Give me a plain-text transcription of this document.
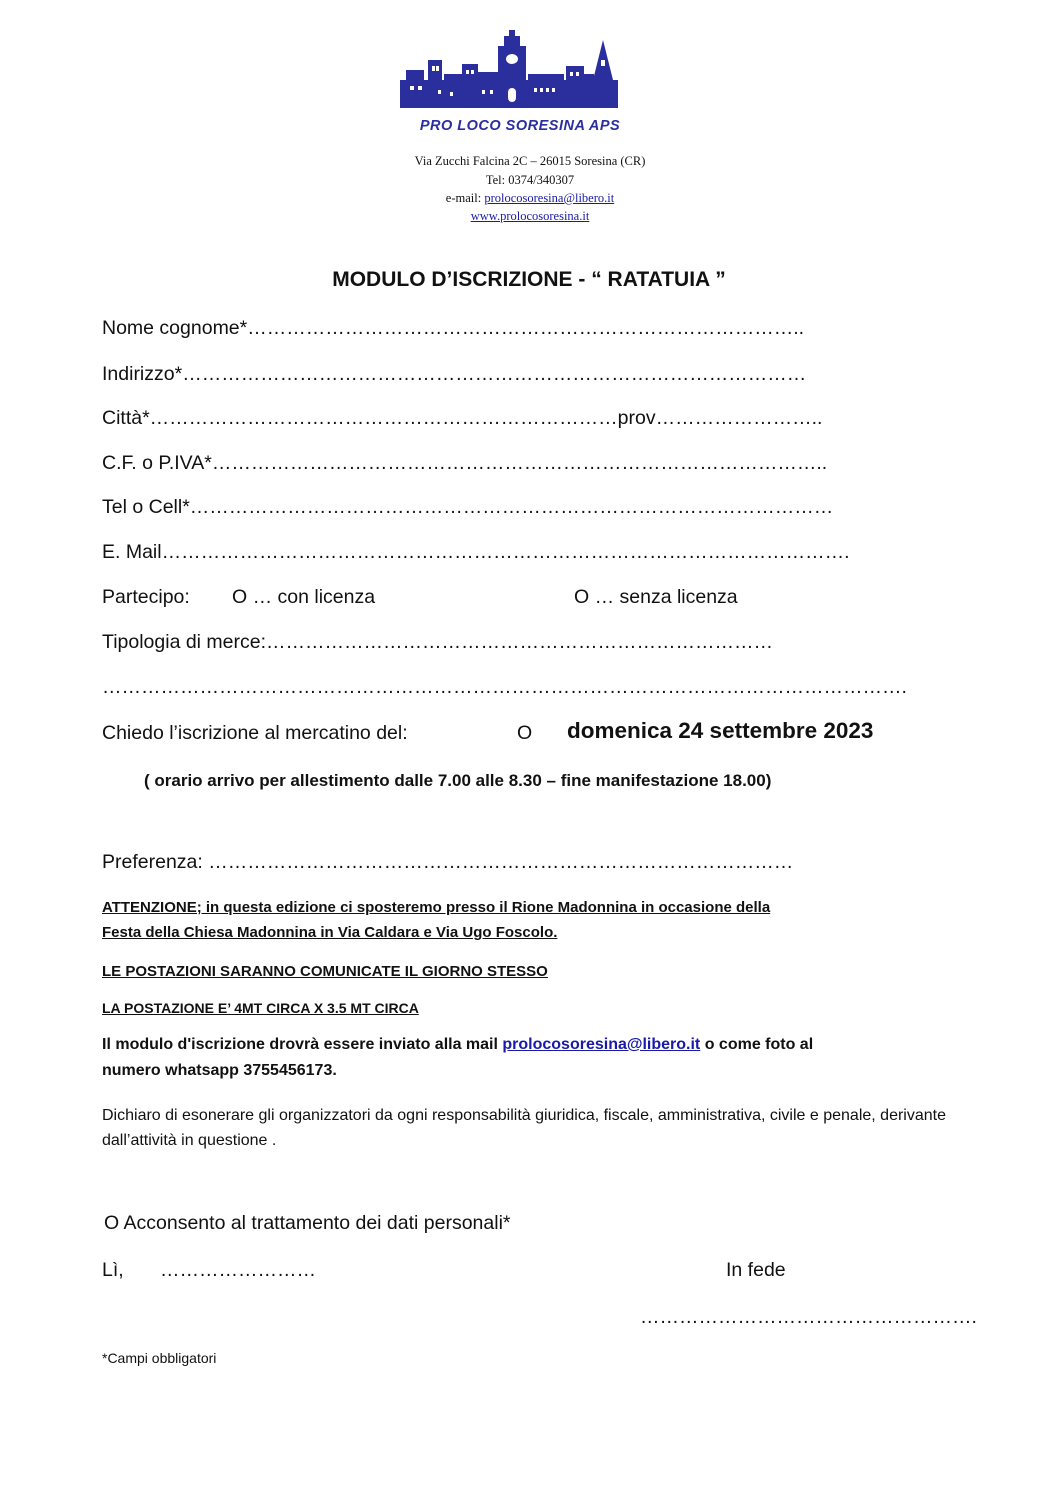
PRO LOCO SORESINA APS
Via Zucchi Falcina 2C – 26015 Soresina (CR)
Tel: 0374/340307
e-mail: prolocosoresina@libero.it
www.prolocosoresina.it
MODULO D’ISCRIZIONE - “ RATATUIA ”
Nome cognome*…………………………………………………………………………..
Indirizzo*……………………………………………………………………………………
Città*………………………………………………………………prov……………………..
C.F. o P.IVA*…………………………………………………………………………………..
Tel o Cell*………………………………………………………………………………………
E. Mail…………………………………………………………………………………………….
Partecipo: O … con licenza	O … senza licenza
Tipologia di merce:……………………………………………………………………
…………………………………………………………………………………………………………….
Chiedo l’iscrizione al mercatino del:	O domenica 24 settembre 2023
( orario arrivo per allestimento dalle 7.00 alle 8.30 – fine manifestazione 18.00)
Preferenza: ………………………………………………………………………………
ATTENZIONE; in questa edizione ci sposteremo presso il Rione Madonnina in occasione della
Festa della Chiesa Madonnina in Via Caldara e Via Ugo Foscolo.
LE POSTAZIONI SARANNO COMUNICATE IL GIORNO STESSO
LA POSTAZIONE E’ 4MT CIRCA X 3.5 MT CIRCA
Il modulo d'iscrizione drovrà essere inviato alla mail prolocosoresina@libero.it o come foto al
numero whatsapp 3755456173.
Dichiaro di esonerare gli organizzatori da ogni responsabilità giuridica, fiscale, amministrativa, civile e penale, derivante dall’attività in questione .
O Acconsento al trattamento dei dati personali*
Lì, ……………………	In fede
…………………………………………….
*Campi obbligatori
